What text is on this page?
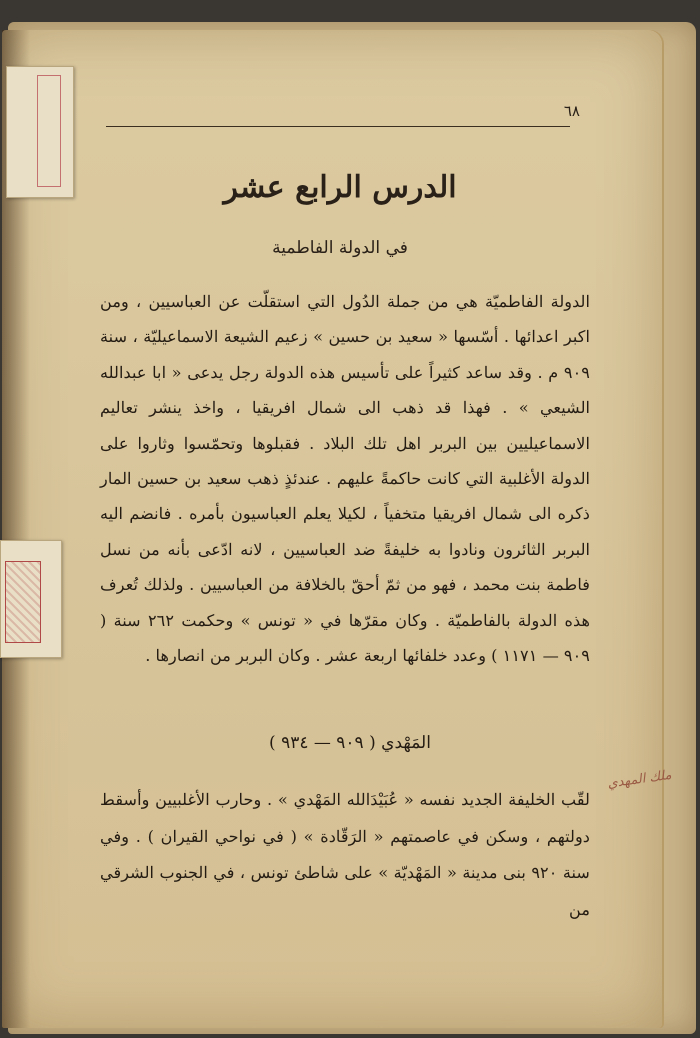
٦٨
الدرس الرابع عشر
في الدولة الفاطمية

الدولة الفاطميّة هي من جملة الدُول التي استقلّت عن العباسيين ، ومن اكبر اعدائها . أسّسها « سعيد بن حسين » زعيم الشيعة الاسماعيليّة ، سنة ٩٠٩ م . وقد ساعد كثيراً على تأسيس هذه الدولة رجل يدعى « ابا عبدالله الشيعي » . فهذا قد ذهب الى شمال افريقيا ، واخذ ينشر تعاليم الاسماعيليين بين البربر اهل تلك البلاد . فقبلوها وتحمّسوا وثاروا على الدولة الأغلبية التي كانت حاكمةً عليهم . عندئذٍ ذهب سعيد بن حسين المار ذكره الى شمال افريقيا متخفياً ، لكيلا يعلم العباسيون بأمره . فانضم اليه البربر الثائرون ونادوا به خليفةً ضد العباسيين ، لانه ادّعى بأنه من نسل فاطمة بنت محمد ، فهو من ثمّ أحقّ بالخلافة من العباسيين . ولذلك تُعرف هذه الدولة بالفاطميّة . وكان مقرّها في « تونس » وحكمت ٢٦٢ سنة ( ٩٠٩ — ١١٧١ ) وعدد خلفائها اربعة عشر . وكان البربر من انصارها .

المَهْدي ( ٩٠٩ — ٩٣٤ )

لقّب الخليفة الجديد نفسه « عُبَيْدَالله المَهْدي » . وحارب الأغلبيين وأسقط دولتهم ، وسكن في عاصمتهم « الرَقّادة » ( في نواحي القيران ) . وفي سنة ٩٢٠ بنى مدينة « المَهْديّة » على شاطئ تونس ، في الجنوب الشرقي من

ملك المهدي
